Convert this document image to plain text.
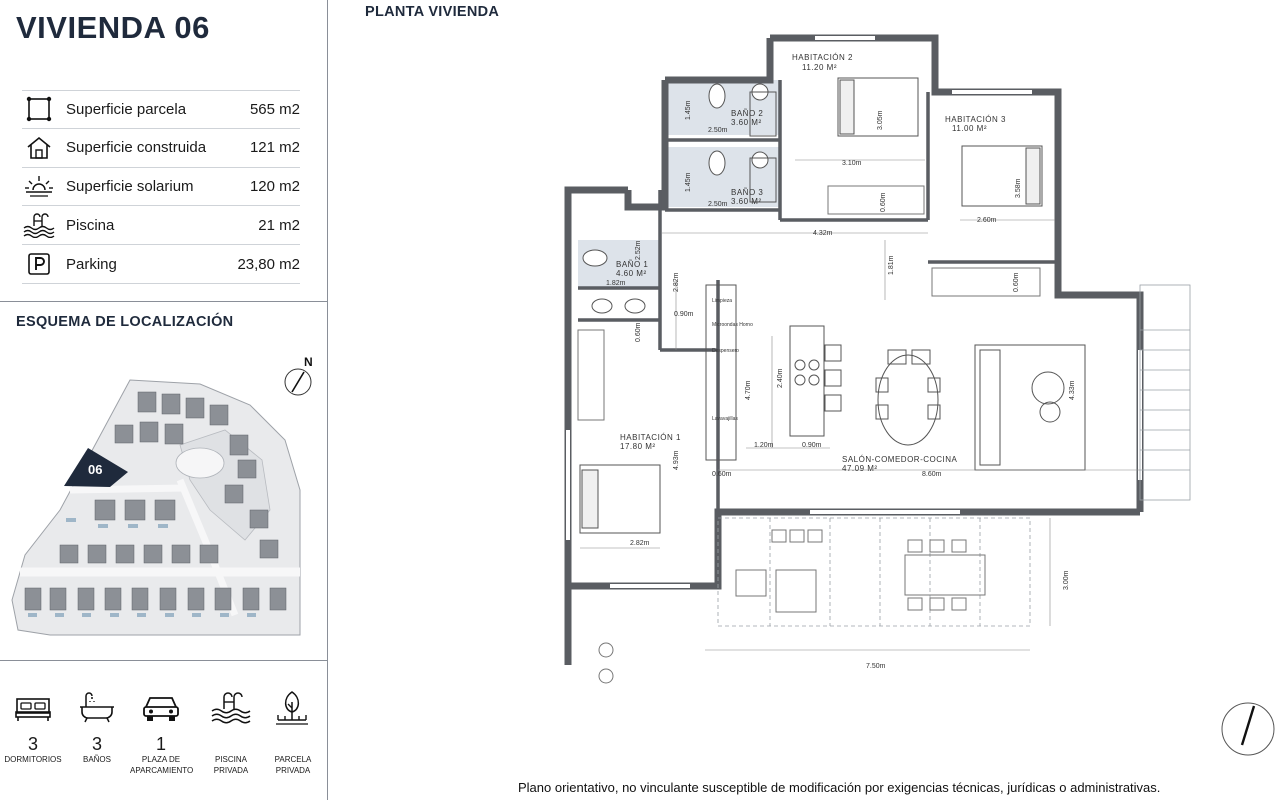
VIVIENDA 06
Superficie parcela	565 m2
Superficie construida	121 m2
Superficie solarium	120 m2
Piscina	21 m2
Parking	23,80 m2
ESQUEMA DE LOCALIZACIÓN
N
06
3
DORMITORIOS
3
BAÑOS
1
PLAZA DE APARCAMIENTO
PISCINA PRIVADA
PARCELA PRIVADA
PLANTA VIVIENDA
HABITACIÓN 2
11.20 M²
BAÑO 2
3.60 M²	HABITACIÓN 3
11.00 M²
BAÑO 3
3.60 M²
BAÑO 1
4.60 M²
HABITACIÓN 1
17.80 M²
SALÓN-COMEDOR-COCINA
47.09 M²
Limpieza
Microondas Horno
Despensero
Lavavajillas
1.45m
2.50m
3.05m
3.10m
1.45m
2.50m	0.60m
3.58m
2.60m
4.32m
1.81m
0.60m
2.52m
1.82m	2.82m
0.90m
0.60m
4.70m
2.40m
1.20m	0.90m
4.33m
0.60m	8.60m
4.93m
2.82m
3.00m
7.50m
Plano orientativo, no vinculante susceptible de modificación por exigencias técnicas, jurídicas o administrativas.
